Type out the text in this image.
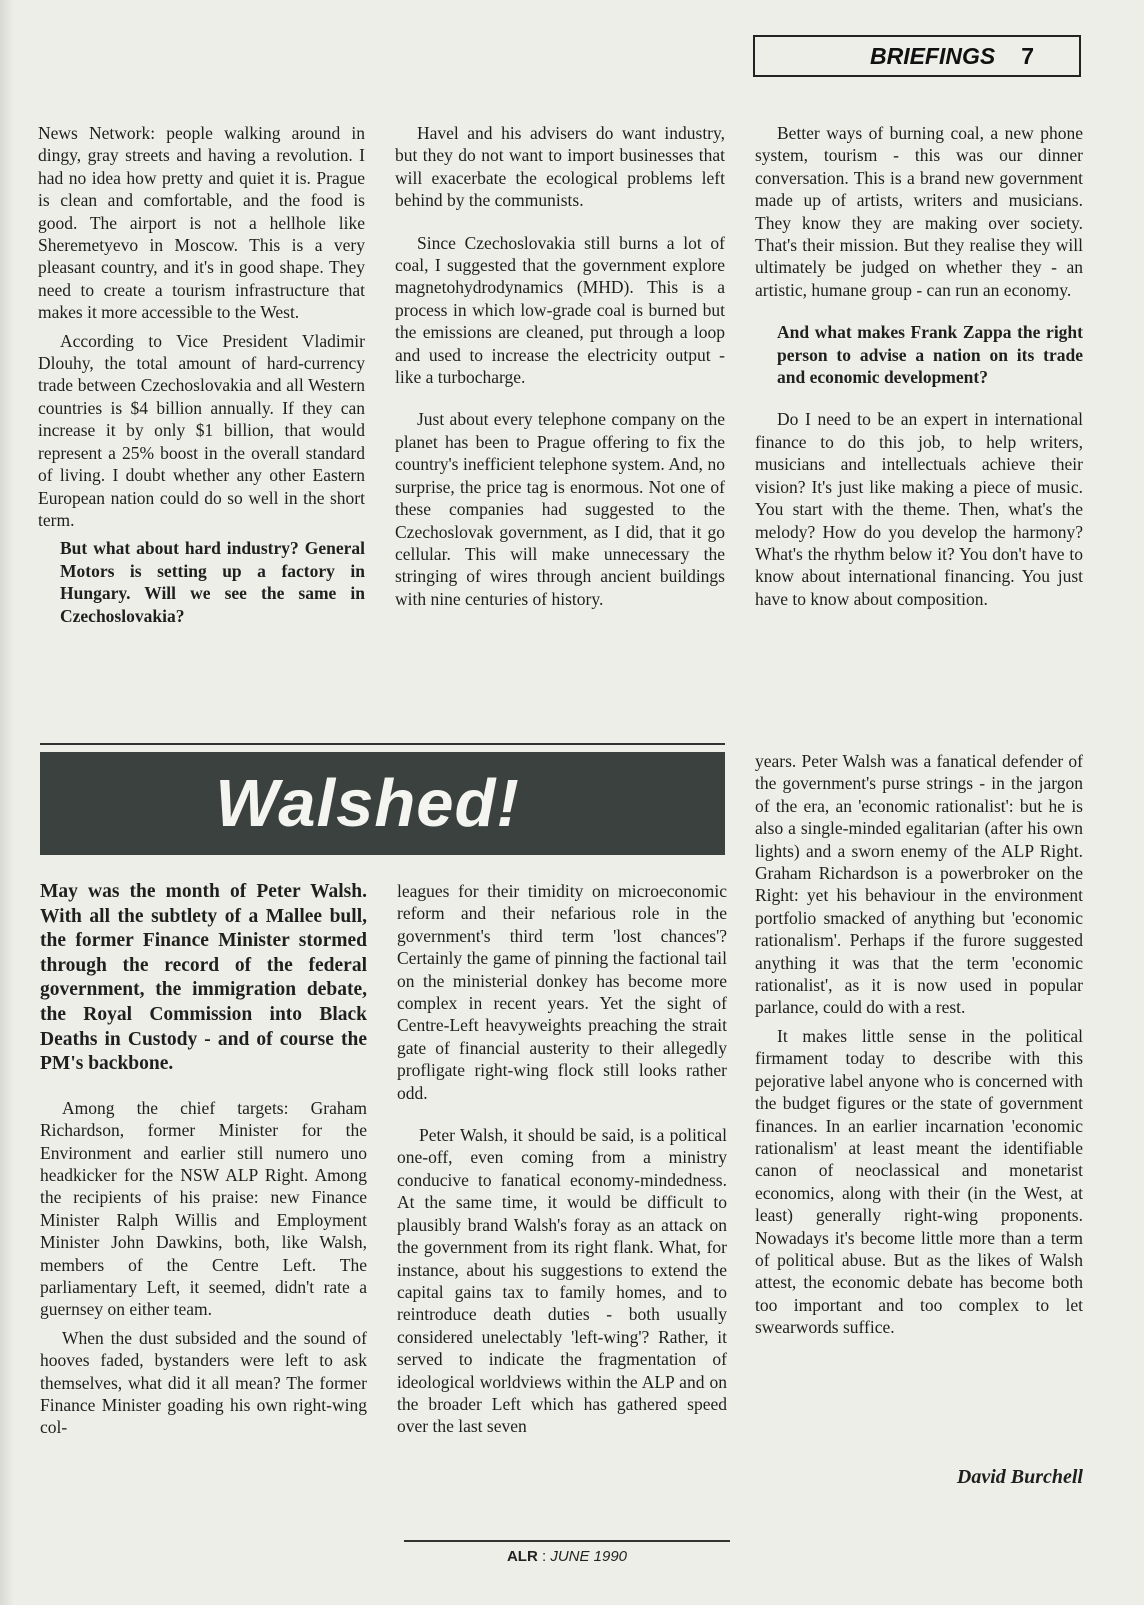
BRIEFINGS 7

News Network: people walking around in dingy, gray streets and having a revolution. I had no idea how pretty and quiet it is. Prague is clean and comfortable, and the food is good. The airport is not a hellhole like Sheremetyevo in Moscow. This is a very pleasant country, and it's in good shape. They need to create a tourism infrastructure that makes it more accessible to the West.

According to Vice President Vladimir Dlouhy, the total amount of hard-currency trade between Czechoslovakia and all Western countries is $4 billion annually. If they can increase it by only $1 billion, that would represent a 25% boost in the overall standard of living. I doubt whether any other Eastern European nation could do so well in the short term.

But what about hard industry? General Motors is setting up a factory in Hungary. Will we see the same in Czechoslovakia?

Havel and his advisers do want industry, but they do not want to import businesses that will exacerbate the ecological problems left behind by the communists.

Since Czechoslovakia still burns a lot of coal, I suggested that the government explore magnetohydrodynamics (MHD). This is a process in which low-grade coal is burned but the emissions are cleaned, put through a loop and used to increase the electricity output - like a turbocharge.

Just about every telephone company on the planet has been to Prague offering to fix the country's inefficient telephone system. And, no surprise, the price tag is enormous. Not one of these companies had suggested to the Czechoslovak government, as I did, that it go cellular. This will make unnecessary the stringing of wires through ancient buildings with nine centuries of history.

Better ways of burning coal, a new phone system, tourism - this was our dinner conversation. This is a brand new government made up of artists, writers and musicians. They know they are making over society. That's their mission. But they realise they will ultimately be judged on whether they - an artistic, humane group - can run an economy.

And what makes Frank Zappa the right person to advise a nation on its trade and economic development?

Do I need to be an expert in international finance to do this job, to help writers, musicians and intellectuals achieve their vision? It's just like making a piece of music. You start with the theme. Then, what's the melody? How do you develop the harmony? What's the rhythm below it? You don't have to know about international financing. You just have to know about composition.

Walshed!

May was the month of Peter Walsh. With all the subtlety of a Mallee bull, the former Finance Minister stormed through the record of the federal government, the immigration debate, the Royal Commission into Black Deaths in Custody - and of course the PM's backbone.

Among the chief targets: Graham Richardson, former Minister for the Environment and earlier still numero uno headkicker for the NSW ALP Right. Among the recipients of his praise: new Finance Minister Ralph Willis and Employment Minister John Dawkins, both, like Walsh, members of the Centre Left. The parliamentary Left, it seemed, didn't rate a guernsey on either team.

When the dust subsided and the sound of hooves faded, bystanders were left to ask themselves, what did it all mean? The former Finance Minister goading his own right-wing col-

leagues for their timidity on microeconomic reform and their nefarious role in the government's third term 'lost chances'? Certainly the game of pinning the factional tail on the ministerial donkey has become more complex in recent years. Yet the sight of Centre-Left heavyweights preaching the strait gate of financial austerity to their allegedly profligate right-wing flock still looks rather odd.

Peter Walsh, it should be said, is a political one-off, even coming from a ministry conducive to fanatical economy-mindedness. At the same time, it would be difficult to plausibly brand Walsh's foray as an attack on the government from its right flank. What, for instance, about his suggestions to extend the capital gains tax to family homes, and to reintroduce death duties - both usually considered unelectably 'left-wing'? Rather, it served to indicate the fragmentation of ideological worldviews within the ALP and on the broader Left which has gathered speed over the last seven

years. Peter Walsh was a fanatical defender of the government's purse strings - in the jargon of the era, an 'economic rationalist': but he is also a single-minded egalitarian (after his own lights) and a sworn enemy of the ALP Right. Graham Richardson is a powerbroker on the Right: yet his behaviour in the environment portfolio smacked of anything but 'economic rationalism'. Perhaps if the furore suggested anything it was that the term 'economic rationalist', as it is now used in popular parlance, could do with a rest.

It makes little sense in the political firmament today to describe with this pejorative label anyone who is concerned with the budget figures or the state of government finances. In an earlier incarnation 'economic rationalism' at least meant the identifiable canon of neoclassical and monetarist economics, along with their (in the West, at least) generally right-wing proponents. Nowadays it's become little more than a term of political abuse. But as the likes of Walsh attest, the economic debate has become both too important and too complex to let swearwords suffice.

David Burchell
ALR : JUNE 1990
